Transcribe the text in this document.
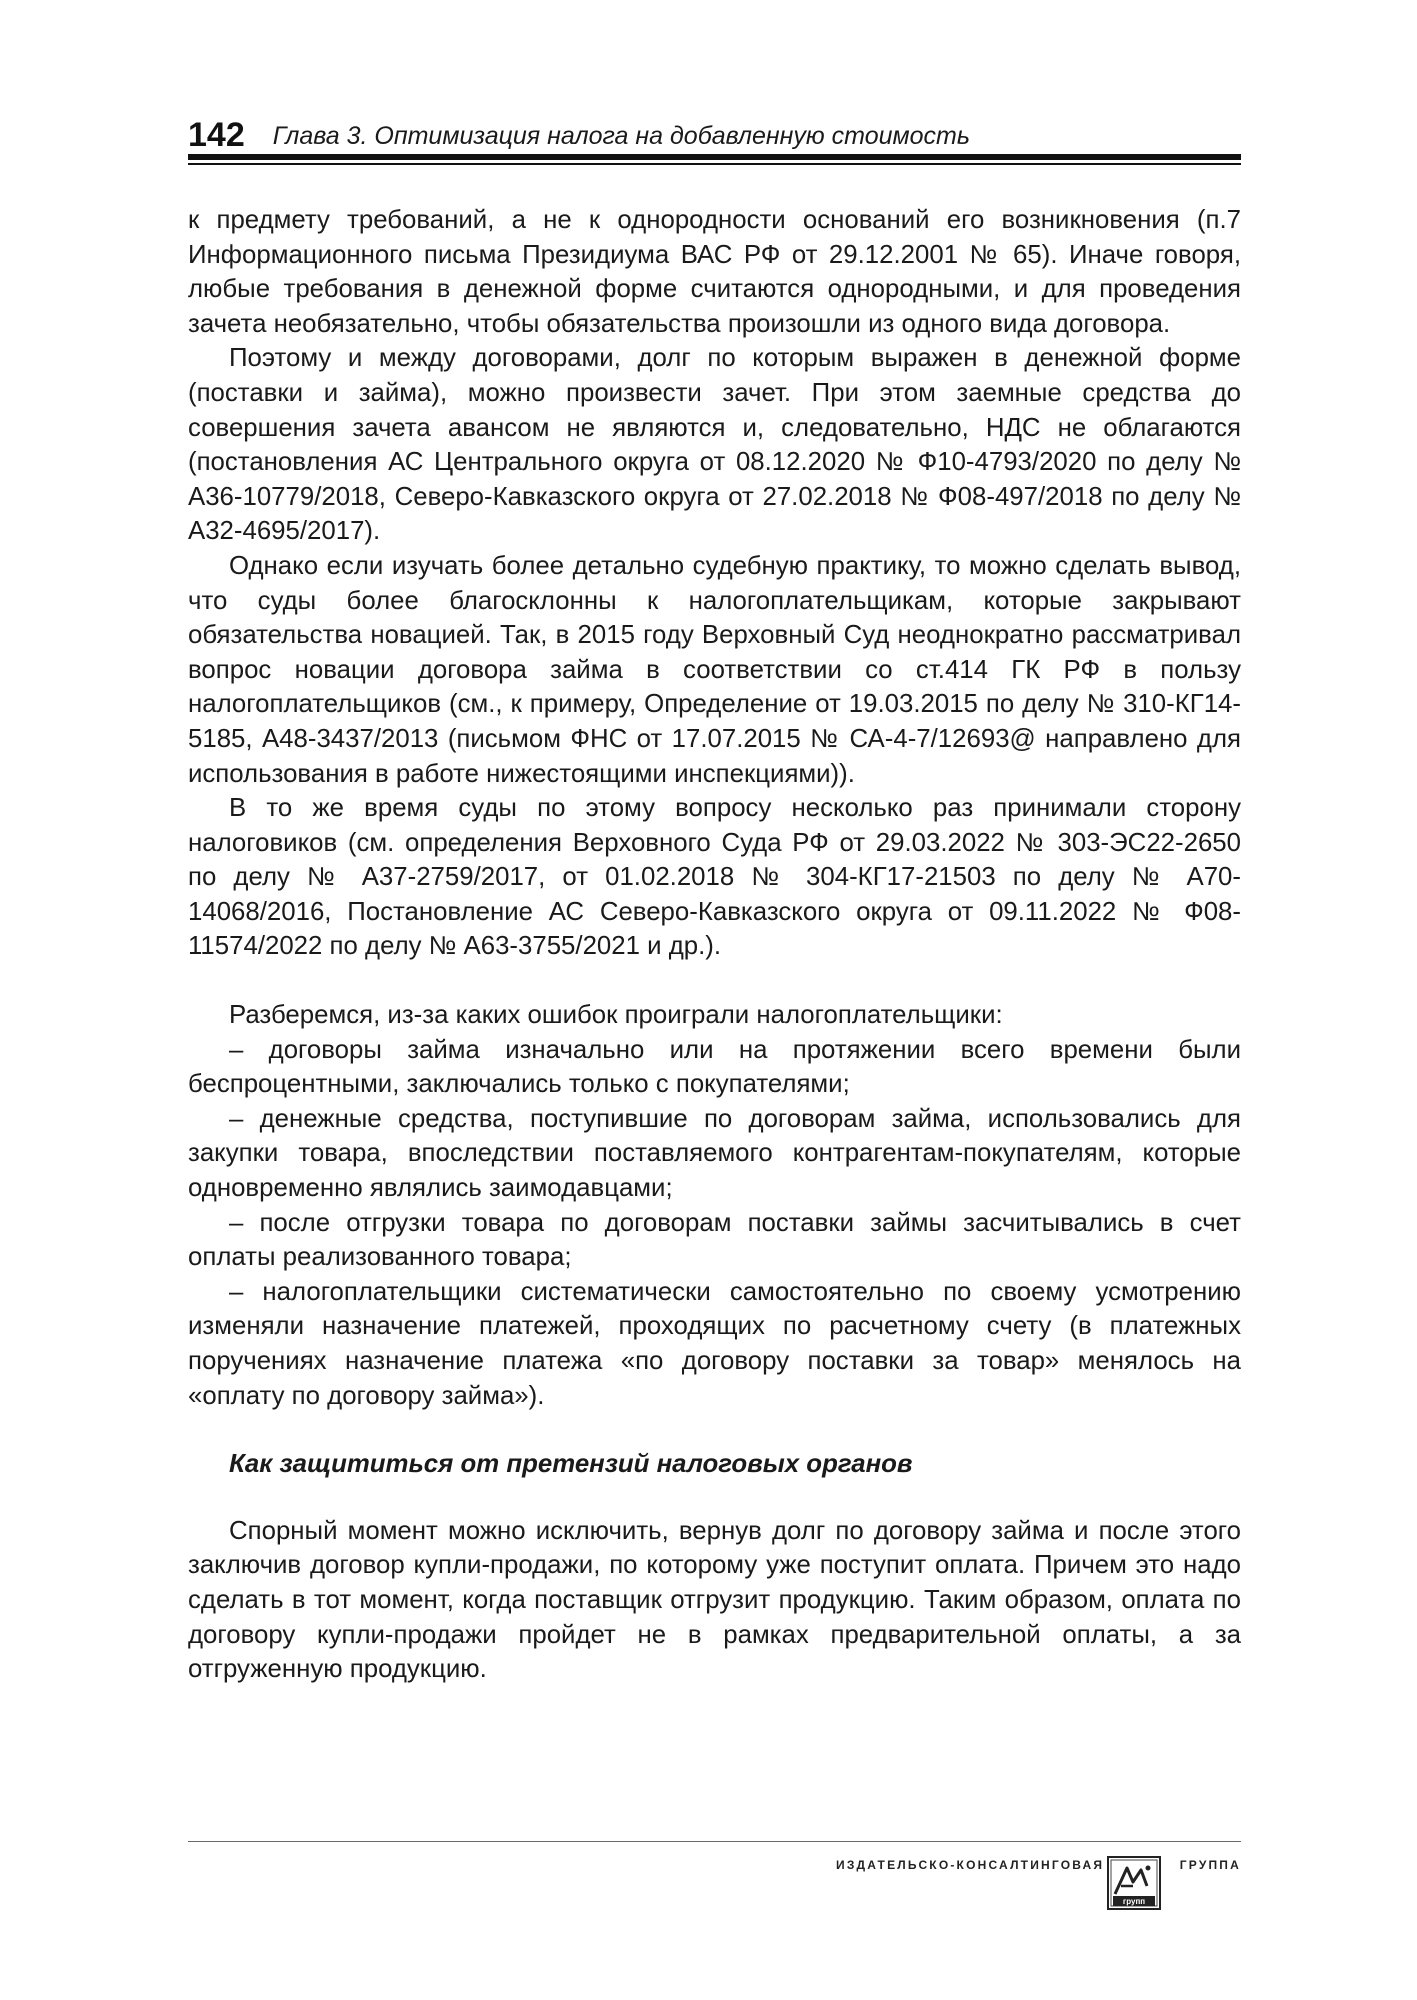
142 Глава 3. Оптимизация налога на добавленную стоимость

к предмету требований, а не к однородности оснований его возникновения (п.7 Информационного письма Президиума ВАС РФ от 29.12.2001 № 65). Иначе говоря, любые требования в денежной форме считаются однородными, и для проведения зачета необязательно, чтобы обязательства произошли из одного вида договора.

Поэтому и между договорами, долг по которым выражен в денежной форме (поставки и займа), можно произвести зачет. При этом заемные средства до совершения зачета авансом не являются и, следовательно, НДС не облагаются (постановления АС Центрального округа от 08.12.2020 № Ф10-4793/2020 по делу № А36-10779/2018, Северо-Кавказского округа от 27.02.2018 № Ф08-497/2018 по делу № А32-4695/2017).

Однако если изучать более детально судебную практику, то можно сделать вывод, что суды более благосклонны к налогоплательщикам, которые закрывают обязательства новацией. Так, в 2015 году Верховный Суд неоднократно рассматривал вопрос новации договора займа в соответствии со ст.414 ГК РФ в пользу налогоплательщиков (см., к примеру, Определение от 19.03.2015 по делу № 310-КГ14-5185, А48-3437/2013 (письмом ФНС от 17.07.2015 № СА-4-7/12693@ направлено для использования в работе нижестоящими инспекциями)).

В то же время суды по этому вопросу несколько раз принимали сторону налоговиков (см. определения Верховного Суда РФ от 29.03.2022 № 303-ЭС22-2650 по делу № А37-2759/2017, от 01.02.2018 № 304-КГ17-21503 по делу № А70-14068/2016, Постановление АС Северо-Кавказского округа от 09.11.2022 № Ф08-11574/2022 по делу № А63-3755/2021 и др.).

Разберемся, из-за каких ошибок проиграли налогоплательщики:

– договоры займа изначально или на протяжении всего времени были беспроцентными, заключались только с покупателями;

– денежные средства, поступившие по договорам займа, использовались для закупки товара, впоследствии поставляемого контрагентам-покупателям, которые одновременно являлись заимодавцами;

– после отгрузки товара по договорам поставки займы засчитывались в счет оплаты реализованного товара;

– налогоплательщики систематически самостоятельно по своему усмотрению изменяли назначение платежей, проходящих по расчетному счету (в платежных поручениях назначение платежа «по договору поставки за товар» менялось на «оплату по договору займа»).

Как защититься от претензий налоговых органов

Спорный момент можно исключить, вернув долг по договору займа и после этого заключив договор купли-продажи, по которому уже поступит оплата. Причем это надо сделать в тот момент, когда поставщик отгрузит продукцию. Таким образом, оплата по договору купли-продажи пройдет не в рамках предварительной оплаты, а за отгруженную продукцию.

ИЗДАТЕЛЬСКО-КОНСАЛТИНГОВАЯ
групп
ГРУППА
